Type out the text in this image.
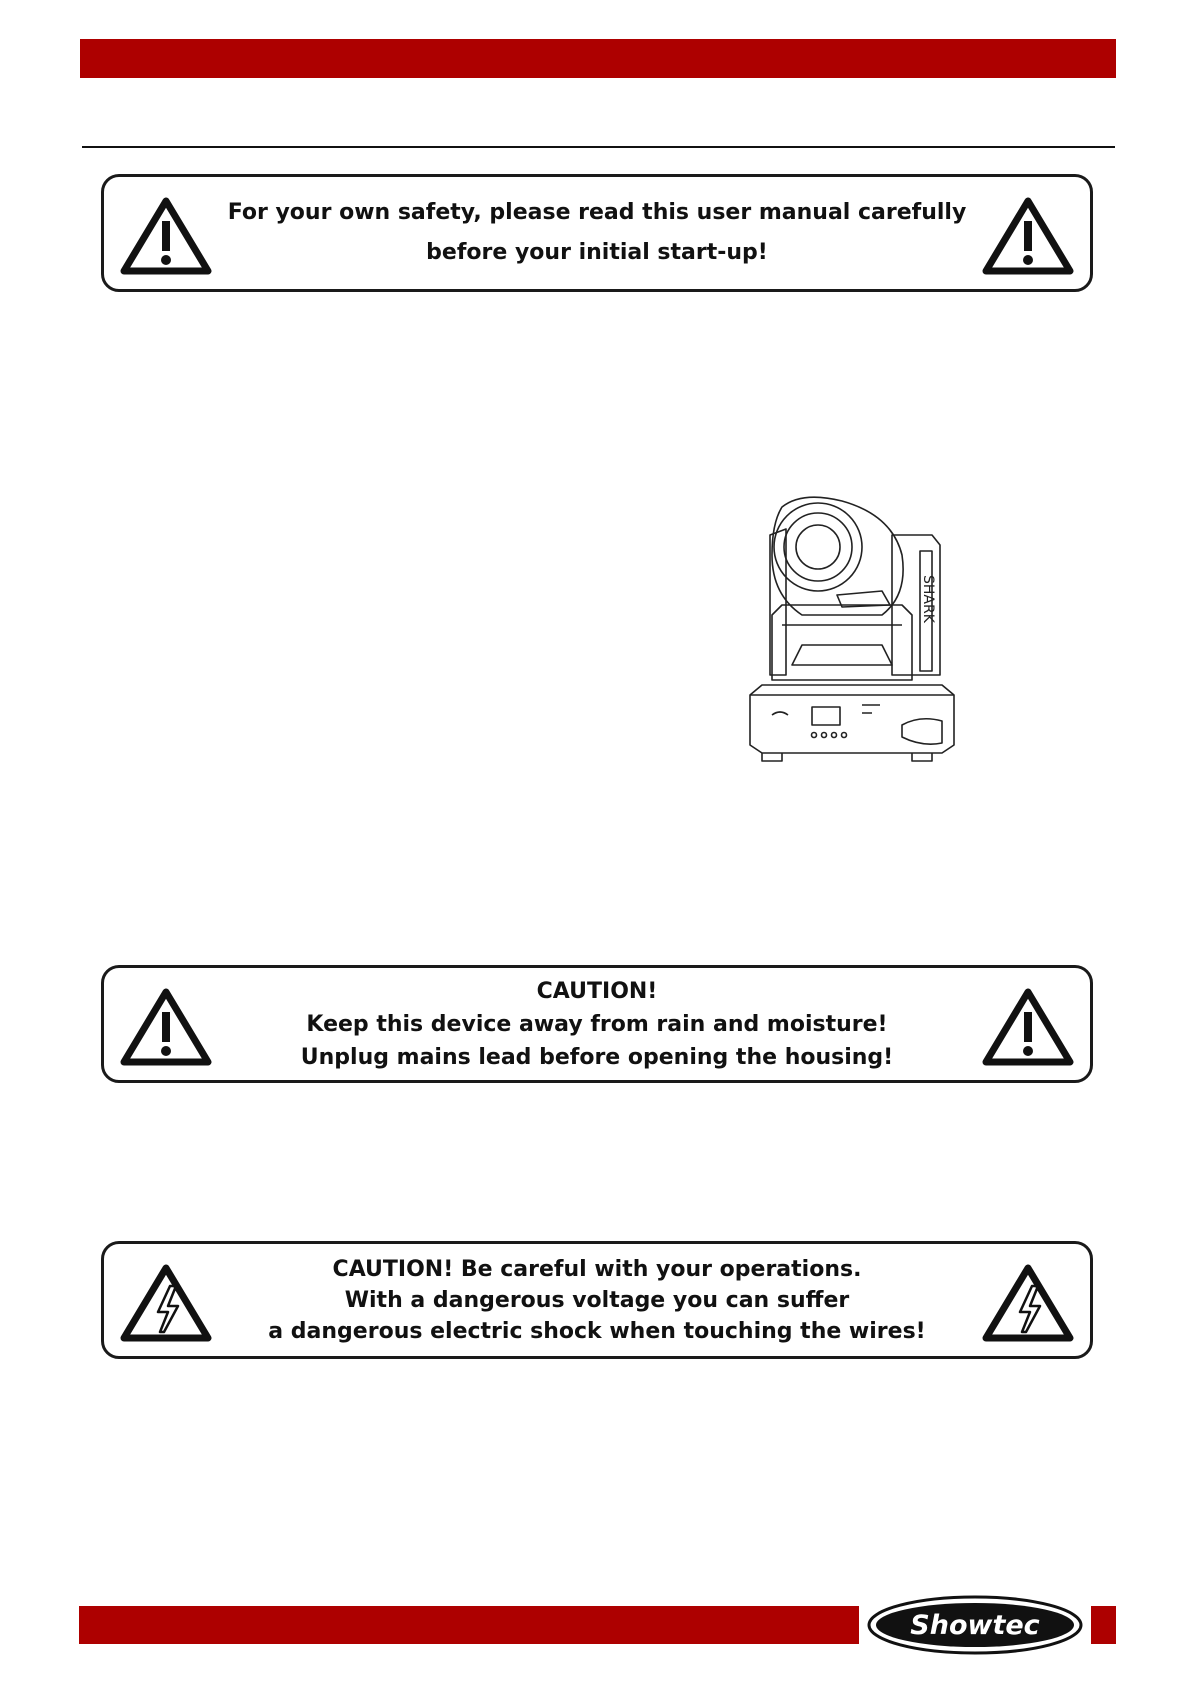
For your own safety, please read this user manual carefully
before your initial start-up!
SHARK
CAUTION!
Keep this device away from rain and moisture!
Unplug mains lead before opening the housing!
CAUTION! Be careful with your operations.
With a dangerous voltage you can suffer
a dangerous electric shock when touching the wires!
Showtec
